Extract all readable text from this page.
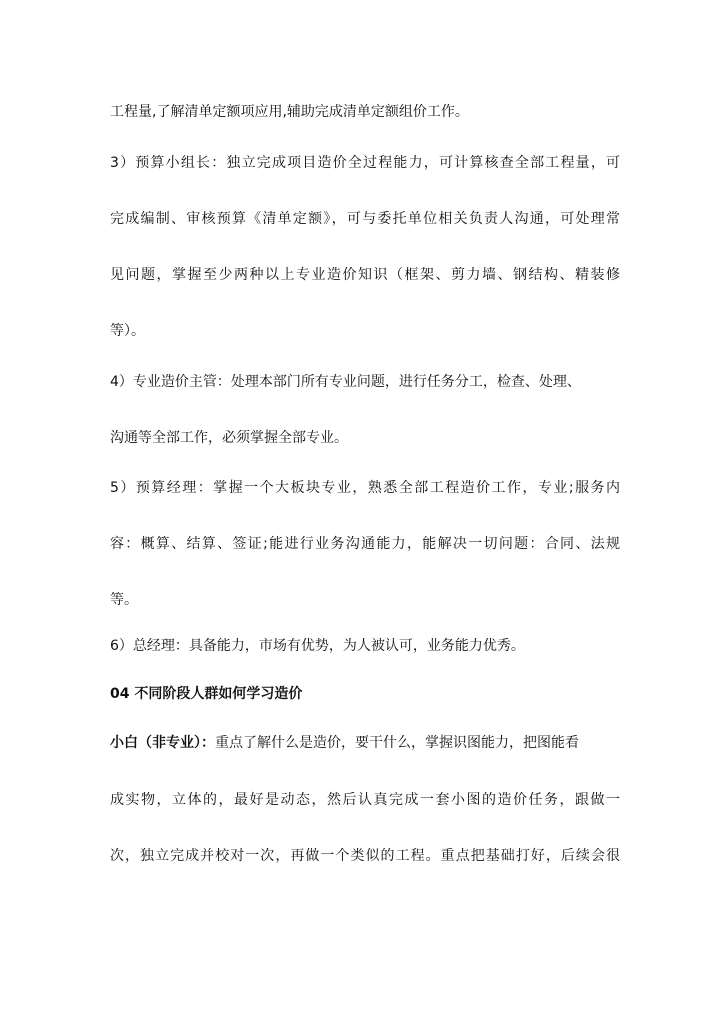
工程量,了解清单定额项应用,辅助完成清单定额组价工作。
3）预算小组长：独立完成项目造价全过程能力，可计算核查全部工程量，可
完成编制、审核预算《清单定额》，可与委托单位相关负责人沟通，可处理常
见问题，掌握至少两种以上专业造价知识（框架、剪力墙、钢结构、精装修
等）。
4）专业造价主管：处理本部门所有专业问题，进行任务分工，检查、处理、
沟通等全部工作，必须掌握全部专业。
5）预算经理：掌握一个大板块专业，熟悉全部工程造价工作，专业;服务内
容：概算、结算、签证;能进行业务沟通能力，能解决一切问题：合同、法规
等。
6）总经理：具备能力，市场有优势，为人被认可，业务能力优秀。
04 不同阶段人群如何学习造价
小白（非专业）：重点了解什么是造价，要干什么，掌握识图能力，把图能看
成实物，立体的，最好是动态，然后认真完成一套小图的造价任务，跟做一
次，独立完成并校对一次，再做一个类似的工程。重点把基础打好，后续会很
